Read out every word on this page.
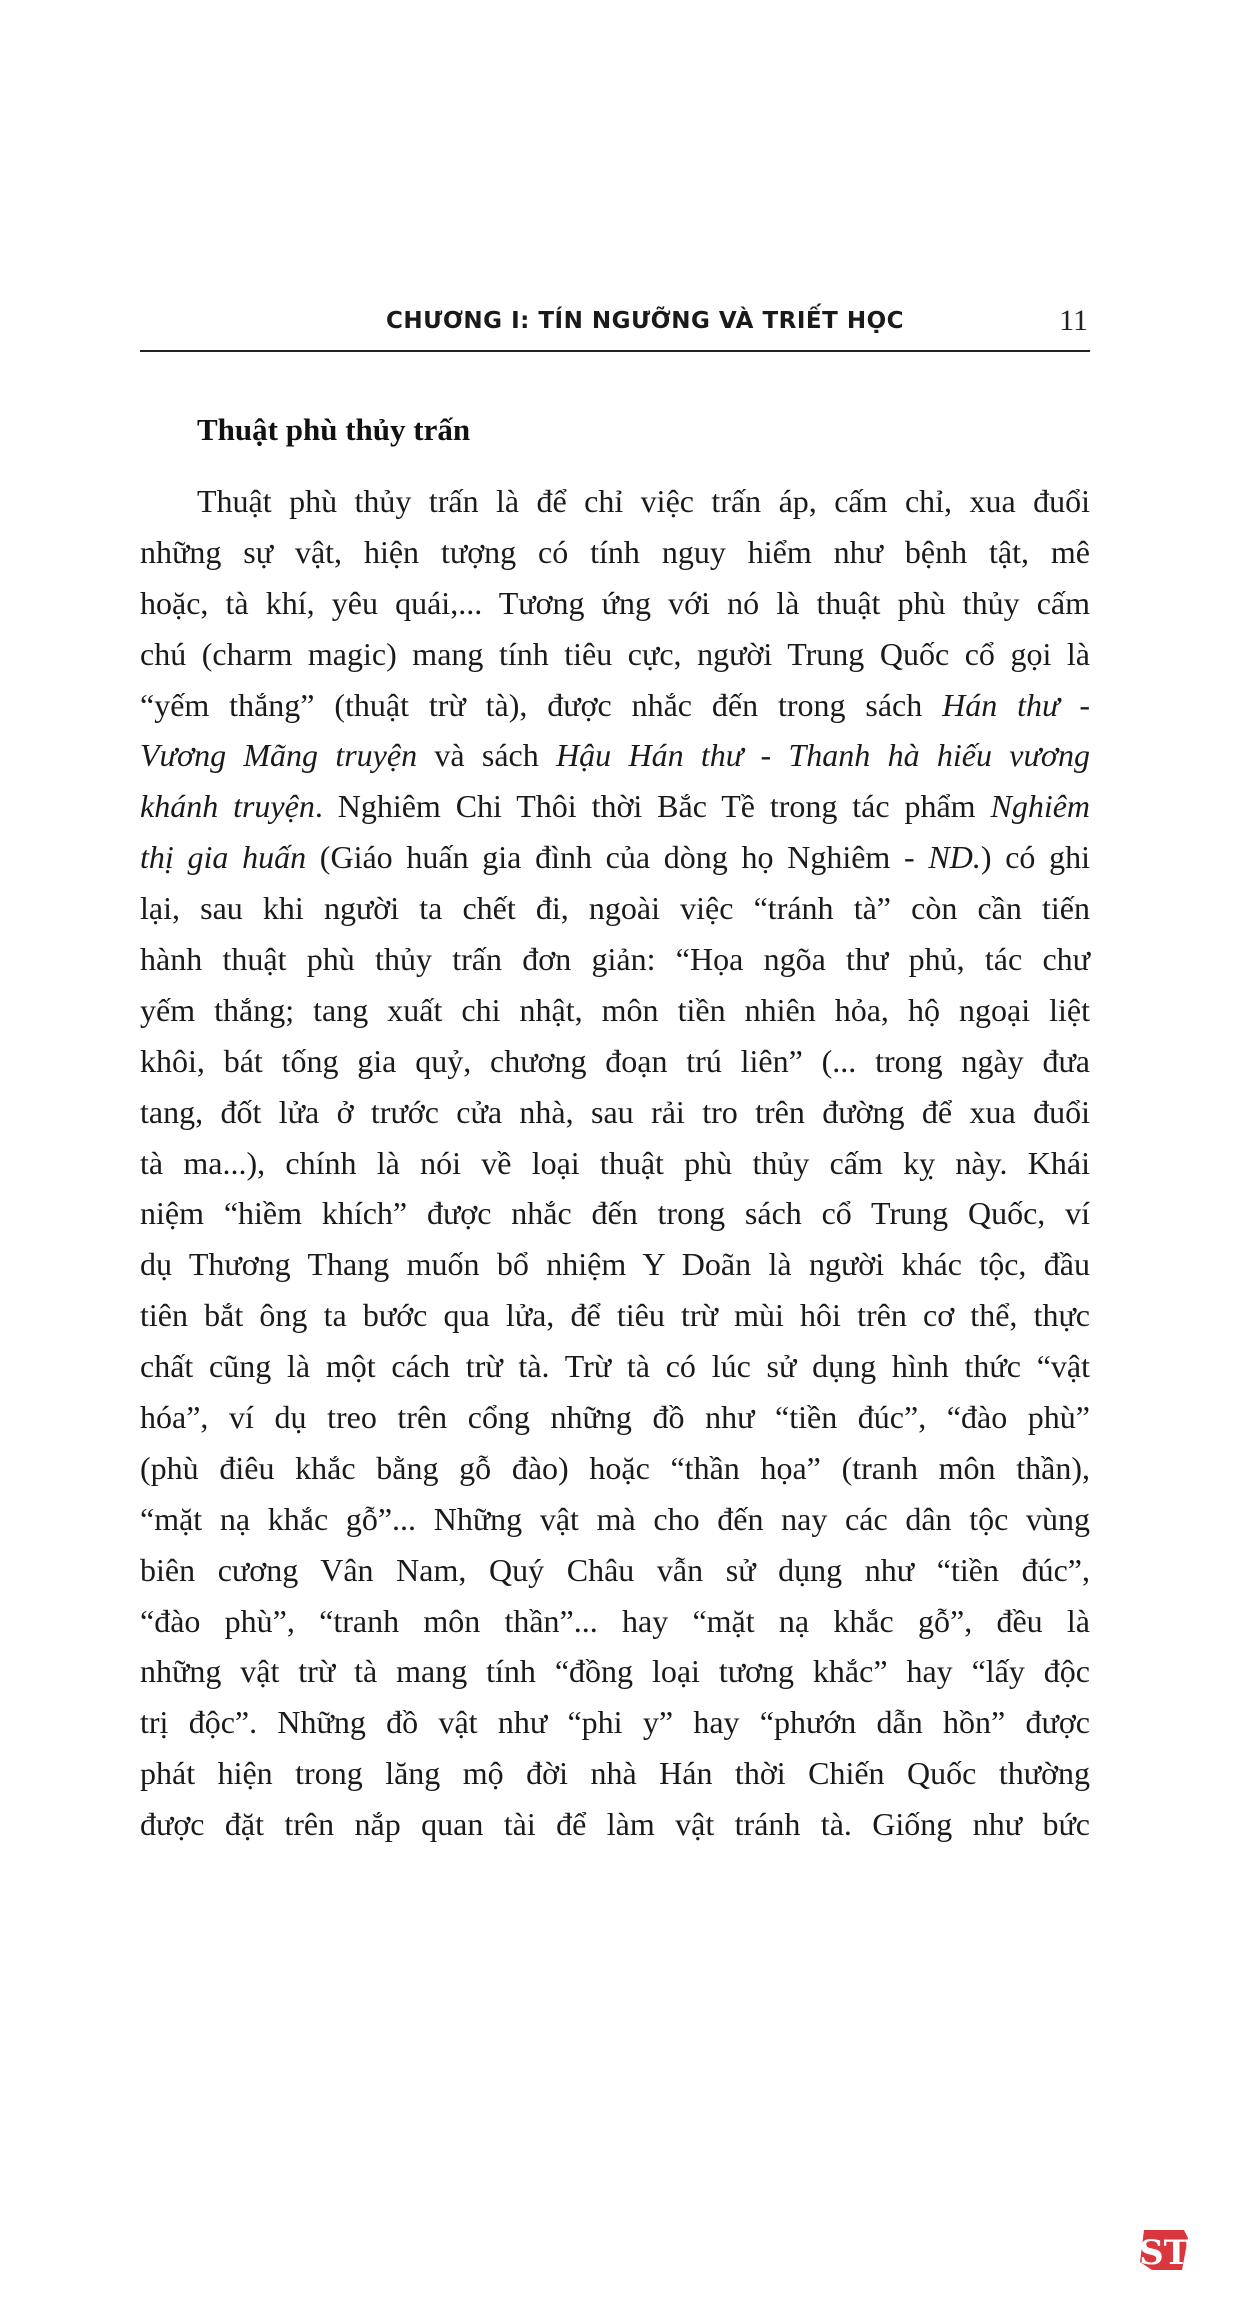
CHƯƠNG I: TÍN NGƯỠNG VÀ TRIẾT HỌC	11
Thuật phù thủy trấn
Thuật phù thủy trấn là để chỉ việc trấn áp, cấm chỉ, xua đuổi
những sự vật, hiện tượng có tính nguy hiểm như bệnh tật, mê
hoặc, tà khí, yêu quái,... Tương ứng với nó là thuật phù thủy cấm
chú (charm magic) mang tính tiêu cực, người Trung Quốc cổ gọi là
“yếm thắng” (thuật trừ tà), được nhắc đến trong sách Hán thư -
Vương Mãng truyện và sách Hậu Hán thư - Thanh hà hiếu vương
khánh truyện. Nghiêm Chi Thôi thời Bắc Tề trong tác phẩm Nghiêm
thị gia huấn (Giáo huấn gia đình của dòng họ Nghiêm - ND.) có ghi
lại, sau khi người ta chết đi, ngoài việc “tránh tà” còn cần tiến
hành thuật phù thủy trấn đơn giản: “Họa ngõa thư phủ, tác chư
yếm thắng; tang xuất chi nhật, môn tiền nhiên hỏa, hộ ngoại liệt
khôi, bát tống gia quỷ, chương đoạn trú liên” (... trong ngày đưa
tang, đốt lửa ở trước cửa nhà, sau rải tro trên đường để xua đuổi
tà ma...), chính là nói về loại thuật phù thủy cấm kỵ này. Khái
niệm “hiềm khích” được nhắc đến trong sách cổ Trung Quốc, ví
dụ Thương Thang muốn bổ nhiệm Y Doãn là người khác tộc, đầu
tiên bắt ông ta bước qua lửa, để tiêu trừ mùi hôi trên cơ thể, thực
chất cũng là một cách trừ tà. Trừ tà có lúc sử dụng hình thức “vật
hóa”, ví dụ treo trên cổng những đồ như “tiền đúc”, “đào phù”
(phù điêu khắc bằng gỗ đào) hoặc “thần họa” (tranh môn thần),
“mặt nạ khắc gỗ”... Những vật mà cho đến nay các dân tộc vùng
biên cương Vân Nam, Quý Châu vẫn sử dụng như “tiền đúc”,
“đào phù”, “tranh môn thần”... hay “mặt nạ khắc gỗ”, đều là
những vật trừ tà mang tính “đồng loại tương khắc” hay “lấy độc
trị độc”. Những đồ vật như “phi y” hay “phướn dẫn hồn” được
phát hiện trong lăng mộ đời nhà Hán thời Chiến Quốc thường
được đặt trên nắp quan tài để làm vật tránh tà. Giống như bức
ST
